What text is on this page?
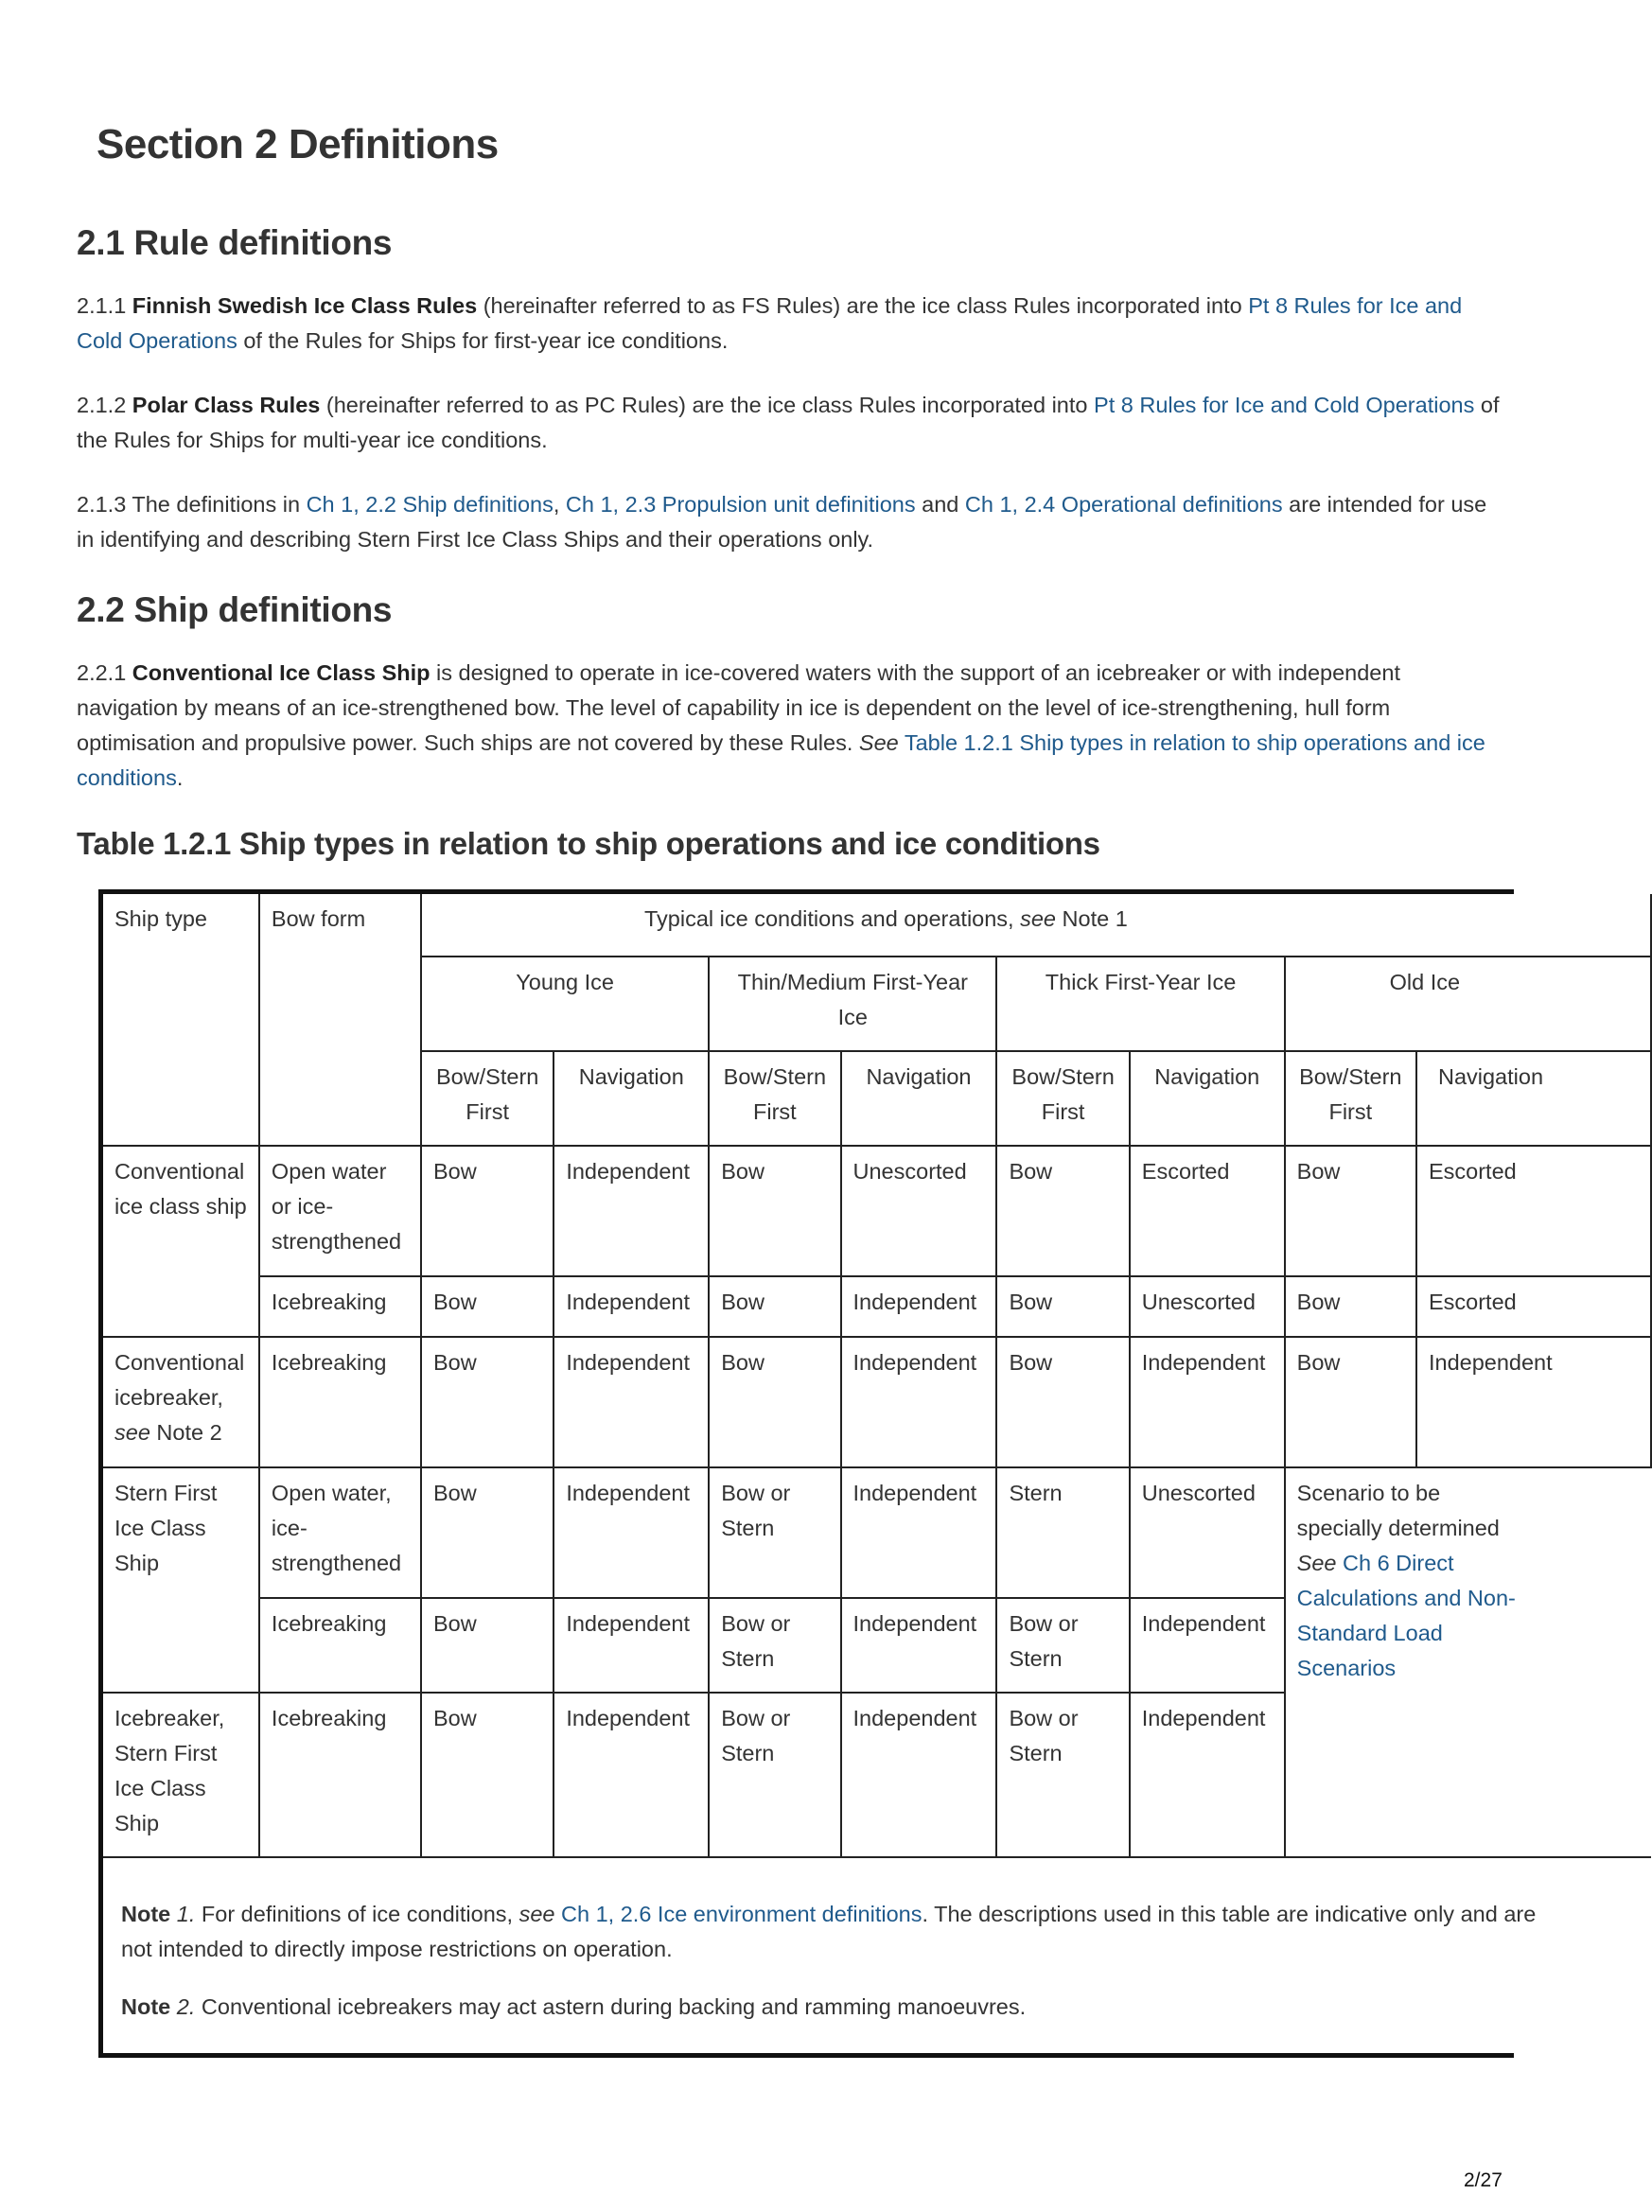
Section 2 Definitions
2.1 Rule definitions

2.1.1 Finnish Swedish Ice Class Rules (hereinafter referred to as FS Rules) are the ice class Rules incorporated into Pt 8 Rules for Ice and Cold Operations of the Rules for Ships for first-year ice conditions.

2.1.2 Polar Class Rules (hereinafter referred to as PC Rules) are the ice class Rules incorporated into Pt 8 Rules for Ice and Cold Operations of the Rules for Ships for multi-year ice conditions.

2.1.3 The definitions in Ch 1, 2.2 Ship definitions, Ch 1, 2.3 Propulsion unit definitions and Ch 1, 2.4 Operational definitions are intended for use in identifying and describing Stern First Ice Class Ships and their operations only.

2.2 Ship definitions

2.2.1 Conventional Ice Class Ship is designed to operate in ice-covered waters with the support of an icebreaker or with independent navigation by means of an ice-strengthened bow. The level of capability in ice is dependent on the level of ice-strengthening, hull form optimisation and propulsive power. Such ships are not covered by these Rules. See Table 1.2.1 Ship types in relation to ship operations and ice conditions.

Table 1.2.1 Ship types in relation to ship operations and ice conditions
Ship type	Bow form	Typical ice conditions and operations, see Note 1							
		Young Ice		Thin/Medium First-Year Ice		Thick First-Year Ice		Old Ice	
		Bow/Stern First	Navigation	Bow/Stern First	Navigation	Bow/Stern First	Navigation	Bow/Stern First	Navigation
Conventional ice class ship	Open water or ice-strengthened	Bow	Independent	Bow	Unescorted	Bow	Escorted	Bow	Escorted
	Icebreaking	Bow	Independent	Bow	Independent	Bow	Unescorted	Bow	Escorted
Conventional icebreaker,
see Note 2	Icebreaking	Bow	Independent	Bow	Independent	Bow	Independent	Bow	Independent
Stern First Ice Class Ship	Open water, ice-strengthened	Bow	Independent	Bow or Stern	Independent	Stern	Unescorted	Scenario to be specially determined See Ch 6 Direct Calculations and Non-Standard Load Scenarios	

	Icebreaking	Bow	Independent	Bow or Stern	Independent	Bow or Stern	Independent		
Icebreaker, Stern First Ice Class Ship	Icebreaking	Bow	Independent	Bow or Stern	Independent	Bow or Stern	Independent		

Note 1. For definitions of ice conditions, see Ch 1, 2.6 Ice environment definitions. The descriptions used in this table are indicative only and are not intended to directly impose restrictions on operation.

Note 2. Conventional icebreakers may act astern during backing and ramming manoeuvres.

2/27
